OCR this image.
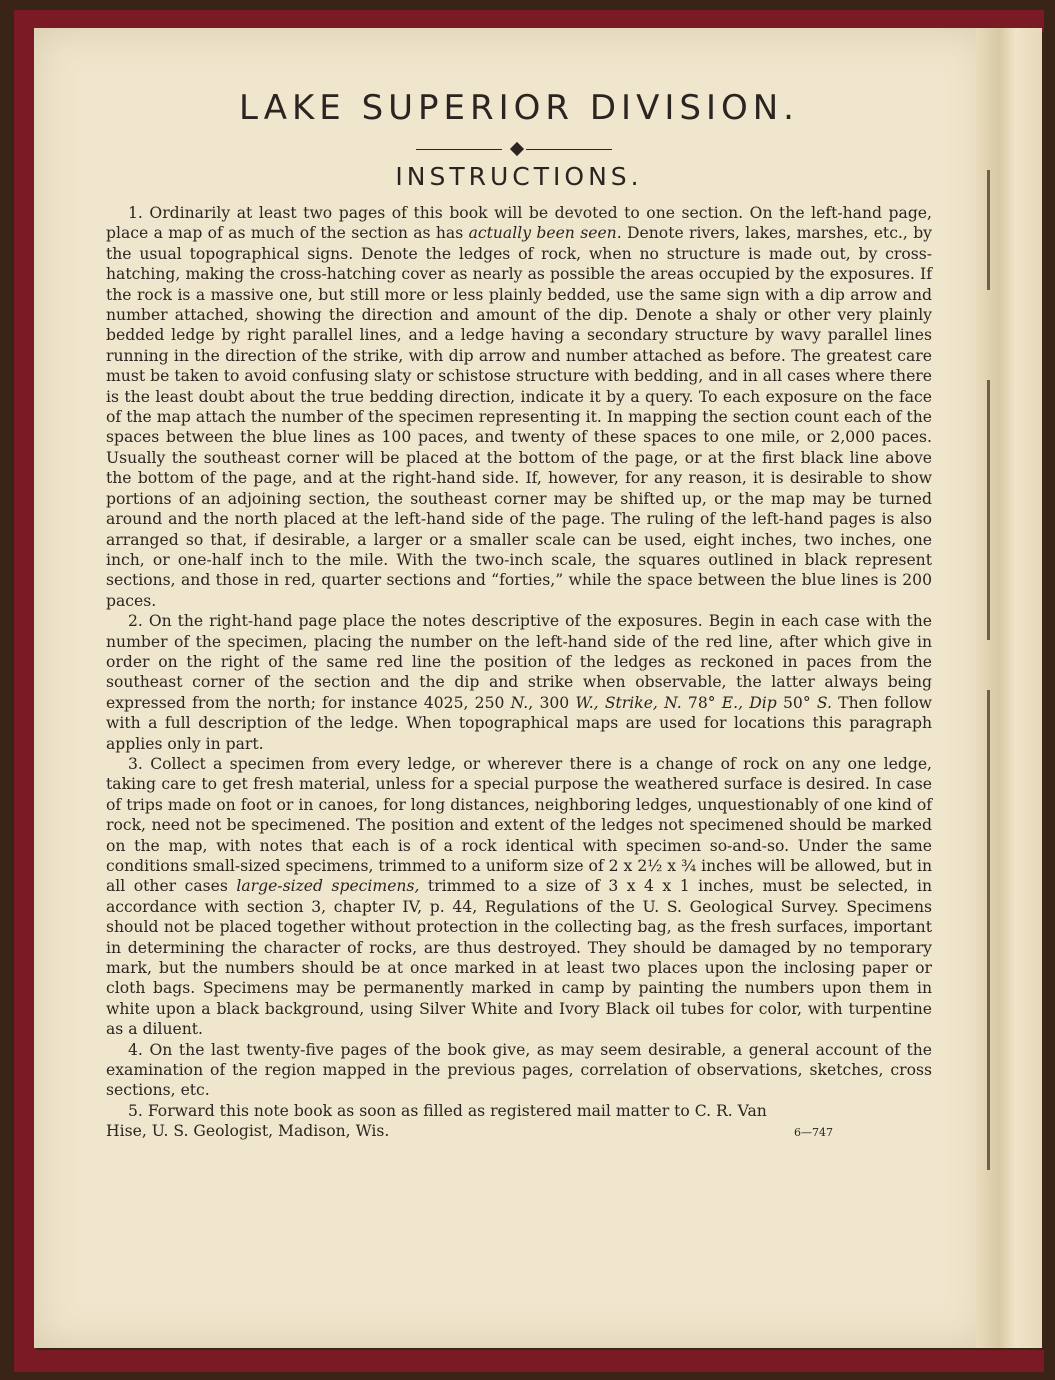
LAKE SUPERIOR DIVISION.
INSTRUCTIONS.

1. Ordinarily at least two pages of this book will be devoted to one section. On the left-hand page, place a map of as much of the section as has actually been seen. Denote rivers, lakes, marshes, etc., by the usual topographical signs. Denote the ledges of rock, when no structure is made out, by cross-hatching, making the cross-hatching cover as nearly as possible the areas occupied by the exposures. If the rock is a massive one, but still more or less plainly bedded, use the same sign with a dip arrow and number attached, showing the direction and amount of the dip. Denote a shaly or other very plainly bedded ledge by right parallel lines, and a ledge having a secondary structure by wavy parallel lines running in the direction of the strike, with dip arrow and number attached as before. The greatest care must be taken to avoid confusing slaty or schistose structure with bedding, and in all cases where there is the least doubt about the true bedding direction, indicate it by a query. To each exposure on the face of the map attach the number of the specimen representing it. In mapping the section count each of the spaces between the blue lines as 100 paces, and twenty of these spaces to one mile, or 2,000 paces. Usually the southeast corner will be placed at the bottom of the page, or at the first black line above the bottom of the page, and at the right-hand side. If, however, for any reason, it is desirable to show portions of an adjoining section, the southeast corner may be shifted up, or the map may be turned around and the north placed at the left-hand side of the page. The ruling of the left-hand pages is also arranged so that, if desirable, a larger or a smaller scale can be used, eight inches, two inches, one inch, or one-half inch to the mile. With the two-inch scale, the squares outlined in black represent sections, and those in red, quarter sections and “forties,” while the space between the blue lines is 200 paces.

2. On the right-hand page place the notes descriptive of the exposures. Begin in each case with the number of the specimen, placing the number on the left-hand side of the red line, after which give in order on the right of the same red line the position of the ledges as reckoned in paces from the southeast corner of the section and the dip and strike when observable, the latter always being expressed from the north; for instance 4025, 250 N., 300 W., Strike, N. 78° E., Dip 50° S. Then follow with a full description of the ledge. When topographical maps are used for locations this paragraph applies only in part.

3. Collect a specimen from every ledge, or wherever there is a change of rock on any one ledge, taking care to get fresh material, unless for a special purpose the weathered surface is desired. In case of trips made on foot or in canoes, for long distances, neighboring ledges, unquestionably of one kind of rock, need not be specimened. The position and extent of the ledges not specimened should be marked on the map, with notes that each is of a rock identical with specimen so-and-so. Under the same conditions small-sized specimens, trimmed to a uniform size of 2 x 2½ x ¾ inches will be allowed, but in all other cases large-sized specimens, trimmed to a size of 3 x 4 x 1 inches, must be selected, in accordance with section 3, chapter IV, p. 44, Regulations of the U. S. Geological Survey. Specimens should not be placed together without protection in the collecting bag, as the fresh surfaces, important in determining the character of rocks, are thus destroyed. They should be damaged by no temporary mark, but the numbers should be at once marked in at least two places upon the inclosing paper or cloth bags. Specimens may be permanently marked in camp by painting the numbers upon them in white upon a black background, using Silver White and Ivory Black oil tubes for color, with turpentine as a diluent.

4. On the last twenty-five pages of the book give, as may seem desirable, a general account of the examination of the region mapped in the previous pages, correlation of observations, sketches, cross sections, etc.

5. Forward this note book as soon as filled as registered mail matter to C. R. Van

Hise, U. S. Geologist, Madison, Wis.	6—747
